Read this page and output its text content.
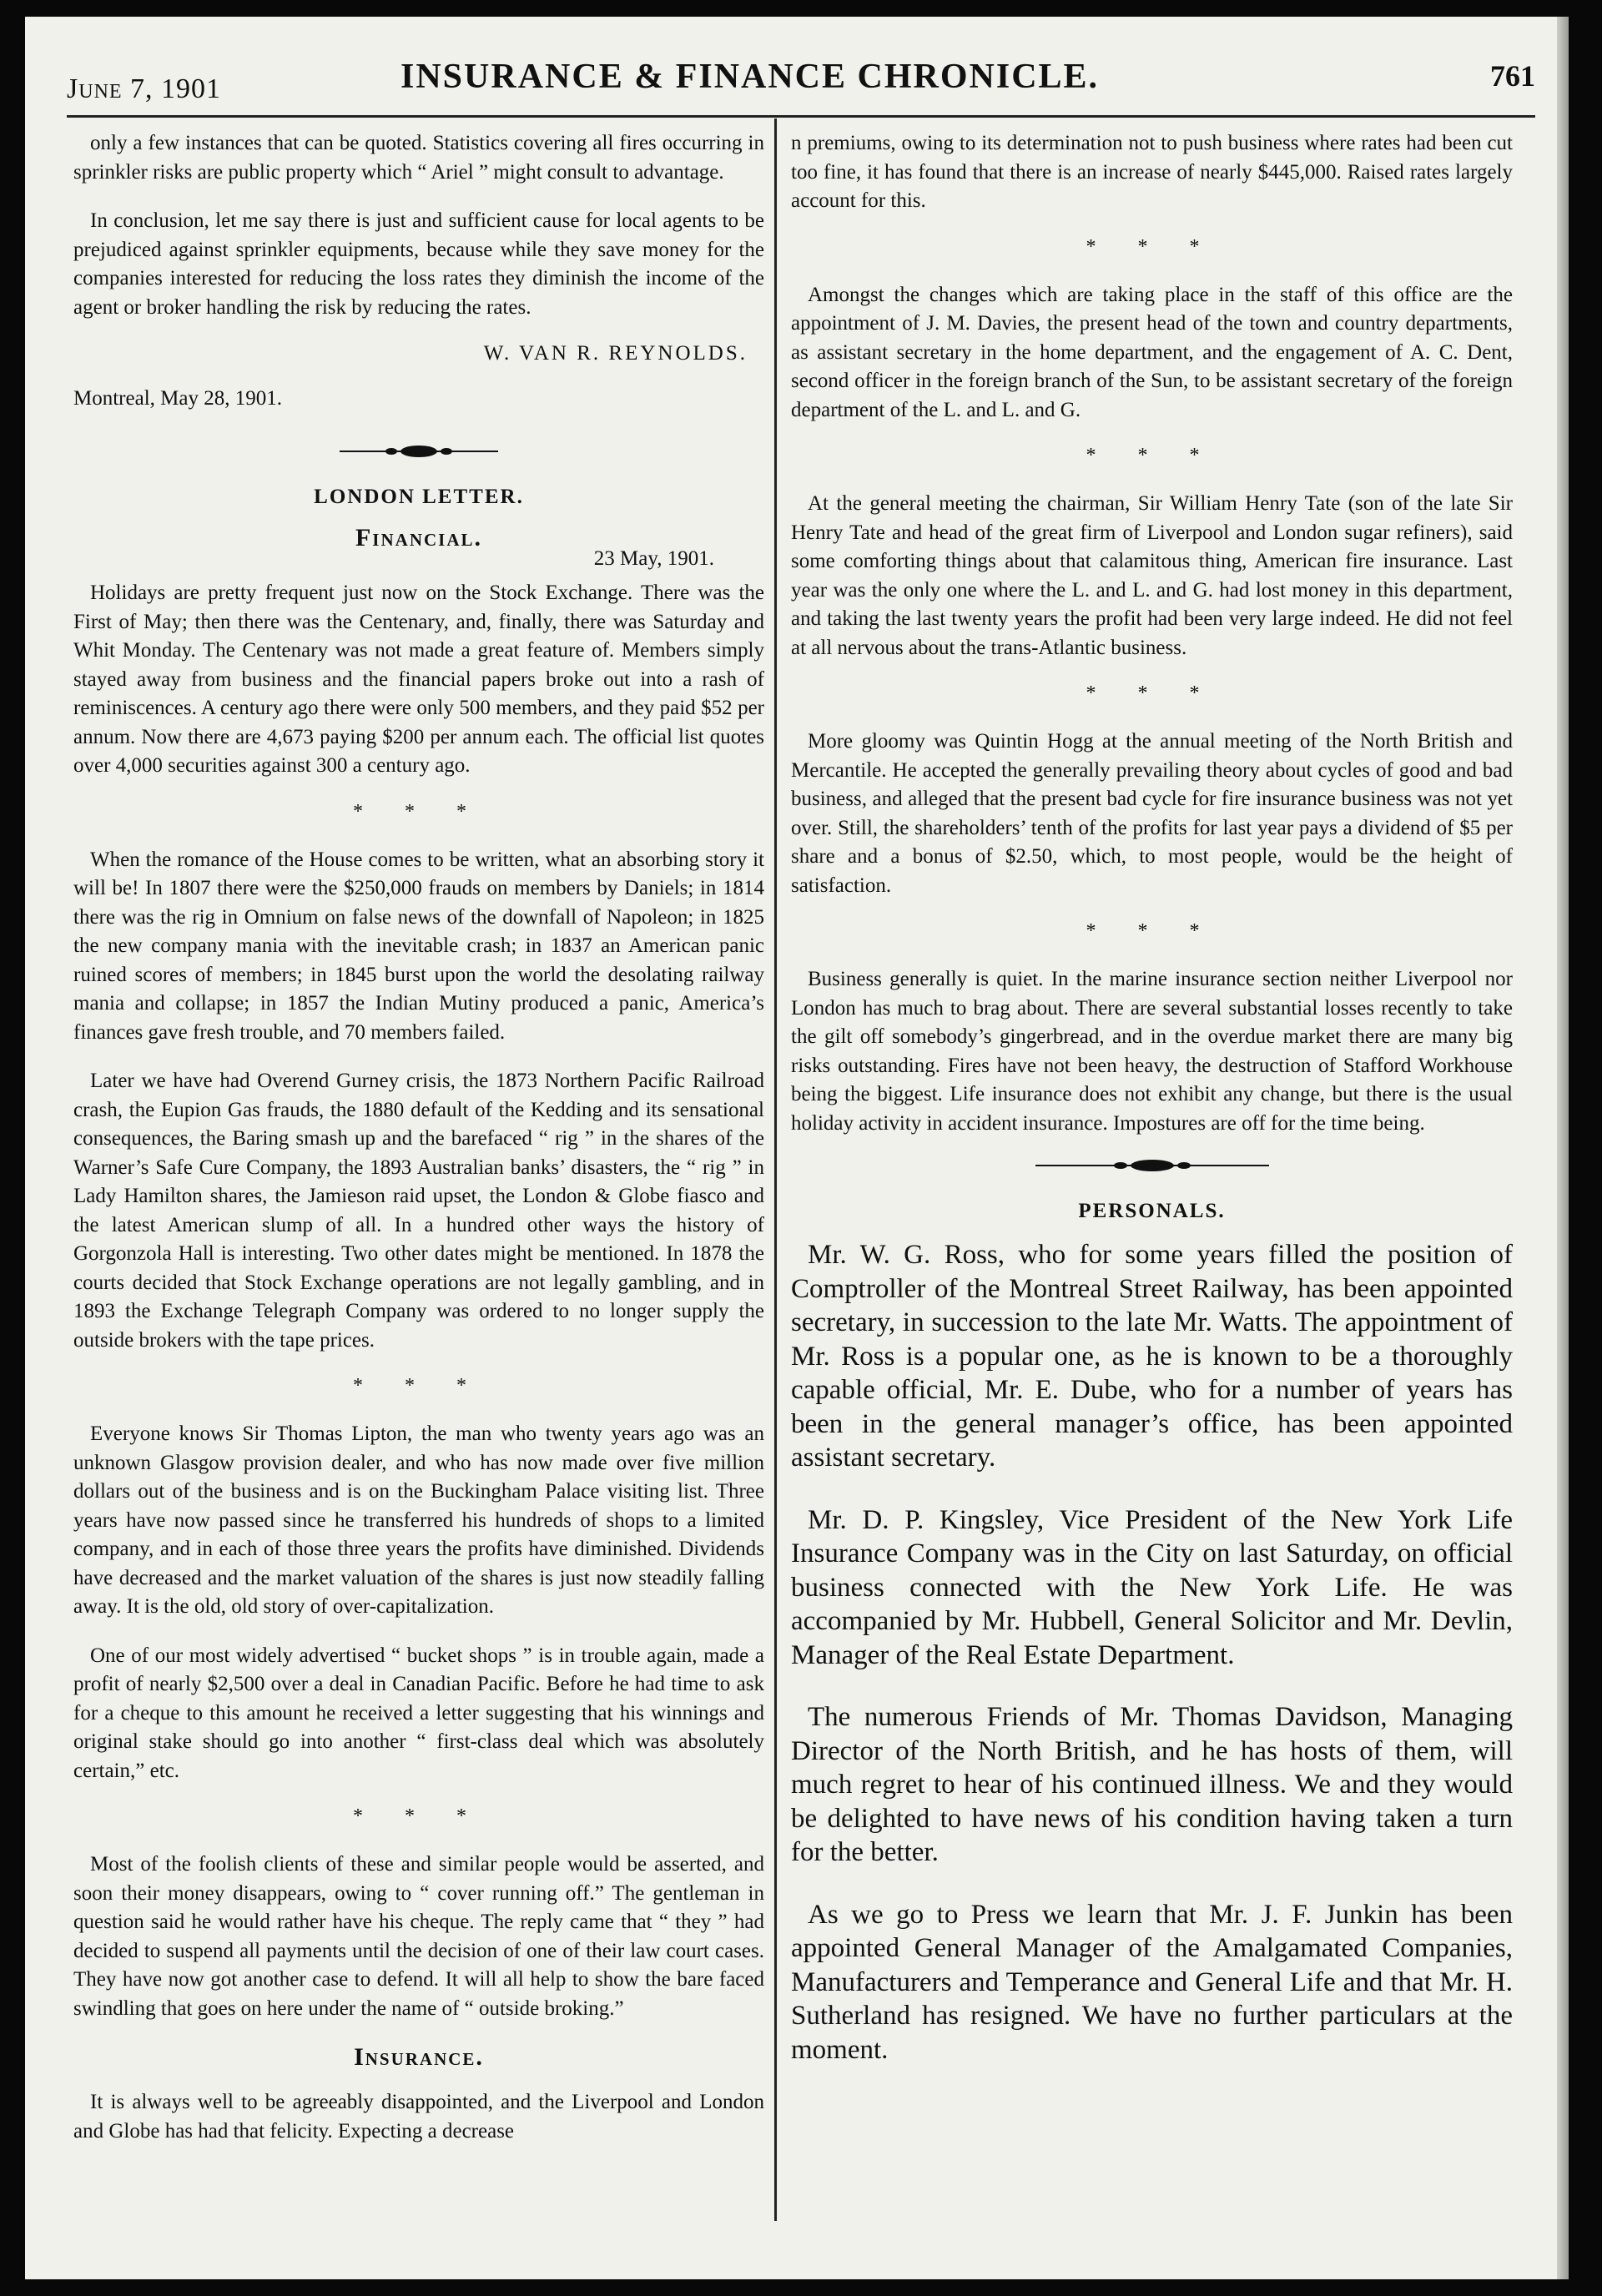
June 7, 1901	INSURANCE & FINANCE CHRONICLE.	761

only a few instances that can be quoted. Statistics covering all fires occurring in sprinkler risks are public property which “ Ariel ” might consult to advantage.

In conclusion, let me say there is just and sufficient cause for local agents to be prejudiced against sprinkler equipments, because while they save money for the companies interested for reducing the loss rates they diminish the income of the agent or broker handling the risk by reducing the rates.

W. VAN R. REYNOLDS.
Montreal, May 28, 1901.
LONDON LETTER.
Financial.
23 May, 1901.

Holidays are pretty frequent just now on the Stock Exchange. There was the First of May; then there was the Centenary, and, finally, there was Saturday and Whit Monday. The Centenary was not made a great feature of. Members simply stayed away from business and the financial papers broke out into a rash of reminiscences. A century ago there were only 500 members, and they paid $52 per annum. Now there are 4,673 paying $200 per annum each. The official list quotes over 4,000 securities against 300 a century ago.

* * *

When the romance of the House comes to be written, what an absorbing story it will be! In 1807 there were the $250,000 frauds on members by Daniels; in 1814 there was the rig in Omnium on false news of the downfall of Napoleon; in 1825 the new company mania with the inevitable crash; in 1837 an American panic ruined scores of members; in 1845 burst upon the world the desolating railway mania and collapse; in 1857 the Indian Mutiny produced a panic, America’s finances gave fresh trouble, and 70 members failed.

Later we have had Overend Gurney crisis, the 1873 Northern Pacific Railroad crash, the Eupion Gas frauds, the 1880 default of the Kedding and its sensational consequences, the Baring smash up and the barefaced “ rig ” in the shares of the Warner’s Safe Cure Company, the 1893 Australian banks’ disasters, the “ rig ” in Lady Hamilton shares, the Jamieson raid upset, the London & Globe fiasco and the latest American slump of all. In a hundred other ways the history of Gorgonzola Hall is interesting. Two other dates might be mentioned. In 1878 the courts decided that Stock Exchange operations are not legally gambling, and in 1893 the Exchange Telegraph Company was ordered to no longer supply the outside brokers with the tape prices.

* * *

Everyone knows Sir Thomas Lipton, the man who twenty years ago was an unknown Glasgow provision dealer, and who has now made over five million dollars out of the business and is on the Buckingham Palace visiting list. Three years have now passed since he transferred his hundreds of shops to a limited company, and in each of those three years the profits have diminished. Dividends have decreased and the market valuation of the shares is just now steadily falling away. It is the old, old story of over-capitalization.

One of our most widely advertised “ bucket shops ” is in trouble again, made a profit of nearly $2,500 over a deal in Canadian Pacific. Before he had time to ask for a cheque to this amount he received a letter suggesting that his winnings and original stake should go into another “ first-class deal which was absolutely certain,” etc.

* * *

Most of the foolish clients of these and similar people would be asserted, and soon their money disappears, owing to “ cover running off.” The gentleman in question said he would rather have his cheque. The reply came that “ they ” had decided to suspend all payments until the decision of one of their law court cases. They have now got another case to defend. It will all help to show the bare faced swindling that goes on here under the name of “ outside broking.”

Insurance.

It is always well to be agreeably disappointed, and the Liverpool and London and Globe has had that felicity. Expecting a decrease

n premiums, owing to its determination not to push business where rates had been cut too fine, it has found that there is an increase of nearly $445,000. Raised rates largely account for this.

* * *

Amongst the changes which are taking place in the staff of this office are the appointment of J. M. Davies, the present head of the town and country departments, as assistant secretary in the home department, and the engagement of A. C. Dent, second officer in the foreign branch of the Sun, to be assistant secretary of the foreign department of the L. and L. and G.

* * *

At the general meeting the chairman, Sir William Henry Tate (son of the late Sir Henry Tate and head of the great firm of Liverpool and London sugar refiners), said some comforting things about that calamitous thing, American fire insurance. Last year was the only one where the L. and L. and G. had lost money in this department, and taking the last twenty years the profit had been very large indeed. He did not feel at all nervous about the trans-Atlantic business.

* * *

More gloomy was Quintin Hogg at the annual meeting of the North British and Mercantile. He accepted the generally prevailing theory about cycles of good and bad business, and alleged that the present bad cycle for fire insurance business was not yet over. Still, the shareholders’ tenth of the profits for last year pays a dividend of $5 per share and a bonus of $2.50, which, to most people, would be the height of satisfaction.

* * *

Business generally is quiet. In the marine insurance section neither Liverpool nor London has much to brag about. There are several substantial losses recently to take the gilt off somebody’s gingerbread, and in the overdue market there are many big risks outstanding. Fires have not been heavy, the destruction of Stafford Workhouse being the biggest. Life insurance does not exhibit any change, but there is the usual holiday activity in accident insurance. Impostures are off for the time being.

PERSONALS.

Mr. W. G. Ross, who for some years filled the position of Comptroller of the Montreal Street Railway, has been appointed secretary, in succession to the late Mr. Watts. The appointment of Mr. Ross is a popular one, as he is known to be a thoroughly capable official, Mr. E. Dube, who for a number of years has been in the general manager’s office, has been appointed assistant secretary.

Mr. D. P. Kingsley, Vice President of the New York Life Insurance Company was in the City on last Saturday, on official business connected with the New York Life. He was accompanied by Mr. Hubbell, General Solicitor and Mr. Devlin, Manager of the Real Estate Department.

The numerous Friends of Mr. Thomas Davidson, Managing Director of the North British, and he has hosts of them, will much regret to hear of his continued illness. We and they would be delighted to have news of his condition having taken a turn for the better.

As we go to Press we learn that Mr. J. F. Junkin has been appointed General Manager of the Amalgamated Companies, Manufacturers and Temperance and General Life and that Mr. H. Sutherland has resigned. We have no further particulars at the moment.
